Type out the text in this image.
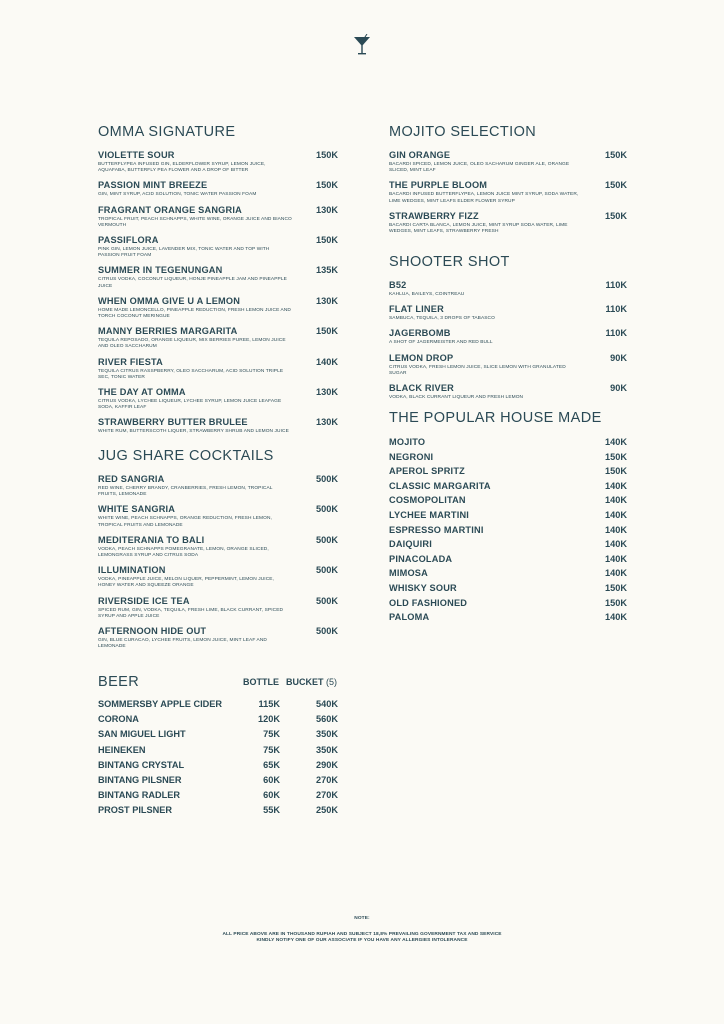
OMMA SIGNATURE
VIOLETTE SOUR	150K
BUTTERFLYPEA INFUSED GIN, ELDERFLOWER SYRUP, LEMON JUICE, AQUAFABA, BUTTERFLY PEA FLOWER AND A DROP OF BITTER
PASSION MINT BREEZE	150K
GIN, MINT SYRUP, ACID SOLUTION, TONIC WATER PASSION FOAM
FRAGRANT ORANGE SANGRIA	130K
TROPICAL FRUIT, PEACH SCHNAPPS, WHITE WINE, ORANGE JUICE AND BIANCO VERMOUTH
PASSIFLORA	150K
PINK GIN, LEMON JUICE, LAVENDER MIX, TONIC WATER AND TOP WITH PASSION FRUIT FOAM
SUMMER IN TEGENUNGAN	135K
CITRUS VODKA, COCONUT LIQUEUR, HONJE PINEAPPLE JAM AND PINEAPPLE JUICE
WHEN OMMA GIVE U A LEMON	130K
HOME MADE LEMONCELLO, PINEAPPLE REDUCTION, FRESH LEMON JUICE AND TORCH COCONUT MERINGUE
MANNY BERRIES MARGARITA	150K
TEQUILA REPOSADO, ORANGE LIQUEUR, MIX BERRIES PUREE, LEMON JUICE AND OLEO SACCHARUM
RIVER FIESTA	140K
TEQUILA CITRUS RASSPBERRY, OLEO SACCHARUM, ACID SOLUTION TRIPLE SEC, TONIC WATER
THE DAY AT OMMA	130K
CITRUS VODKA, LYCHEE LIQUEUR, LYCHEE SYRUP, LEMON JUICE LEAFAGE SODA, KAFFIR LEAF
STRAWBERRY BUTTER BRULEE	130K
WHITE RUM, BUTTERSCOTH LIQUER, STRAWBERRY SHRUB AND LEMON JUICE
JUG SHARE COCKTAILS
RED SANGRIA	500K
RED WINE, CHERRY BRANDY, CRANBERRIES, FRESH LEMON, TROPICAL FRUITS, LEMONADE
WHITE SANGRIA	500K
WHITE WINE, PEACH SCHNAPPS, ORANGE REDUCTION, FRESH LEMON, TROPICAL FRUITS AND LEMONADE
MEDITERANIA TO BALI	500K
VODKA, PEACH SCHNAPPS POMEGRANATE, LEMON, ORANGE SLICED, LEMONGRASS SYRUP AND CITRUS SODA
ILLUMINATION	500K
VODKA, PINEAPPLE JUICE, MELON LIQUER, PEPPERMINT, LEMON JUICE, HONEY WATER AND SQUEEZE ORANGE
RIVERSIDE ICE TEA	500K
SPICED RUM, GIN, VODKA, TEQUILA, FRESH LIME, BLACK CURRANT, SPICED SYRUP AND APPLE JUICE
AFTERNOON HIDE OUT	500K
GIN, BLUE CURACAO, LYCHEE FRUITS, LEMON JUICE, MINT LEAF AND LEMONADE
BEER	BOTTLE BUCKET (5)
SOMMERSBY APPLE CIDER	115K	540K
CORONA	120K	560K
SAN MIGUEL LIGHT	75K	350K
HEINEKEN	75K	350K
BINTANG CRYSTAL	65K	290K
BINTANG PILSNER	60K	270K
BINTANG RADLER	60K	270K
PROST PILSNER	55K	250K
MOJITO SELECTION
GIN ORANGE	150K
BACARDI SPICED, LEMON JUICE, OLEO SACHARUM GINGER ALE, ORANGE SLICED, MINT LEAF
THE PURPLE BLOOM	150K
BACARDI INFUSED BUTTERFLYPEA, LEMON JUICE MINT SYRUP, SODA WATER, LIME WEDGES, MINT LEAFS ELDER FLOWER SYRUP
STRAWBERRY FIZZ	150K
BACARDI CARTA BLANCA, LEMON JUICE, MINT SYRUP SODA WATER, LIME WEDGES, MINT LEAFS, STRAWBERRY FRESH
SHOOTER SHOT
B52	110K
KAHLUA, BAILEYS, COINTREAU
FLAT LINER	110K
SAMBUCA, TEQUILA, 3 DROPS OF TABASCO
JAGERBOMB	110K
A SHOT OF JAGERMEISTER AND RED BULL
LEMON DROP	90K
CITRUS VODKA, FRESH LEMON JUICE, SLICE LEMON WITH GRANULATED SUGAR
BLACK RIVER	90K
VODKA, BLACK CURRANT LIQUEUR AND FRESH LEMON
THE POPULAR HOUSE MADE
MOJITO	140K
NEGRONI	150K
APEROL SPRITZ	150K
CLASSIC MARGARITA	140K
COSMOPOLITAN	140K
LYCHEE MARTINI	140K
ESPRESSO MARTINI	140K
DAIQUIRI	140K
PINACOLADA	140K
MIMOSA	140K
WHISKY SOUR	150K
OLD FASHIONED	150K
PALOMA	140K
NOTE:
ALL PRICE ABOVE ARE IN THOUSAND RUPIAH AND SUBJECT 18,8% PREVAILING GOVERNMENT TAX AND SERVICE
KINDLY NOTIFY ONE OF OUR ASSOCIATE IF YOU HAVE ANY ALLERGIES INTOLERANCE
